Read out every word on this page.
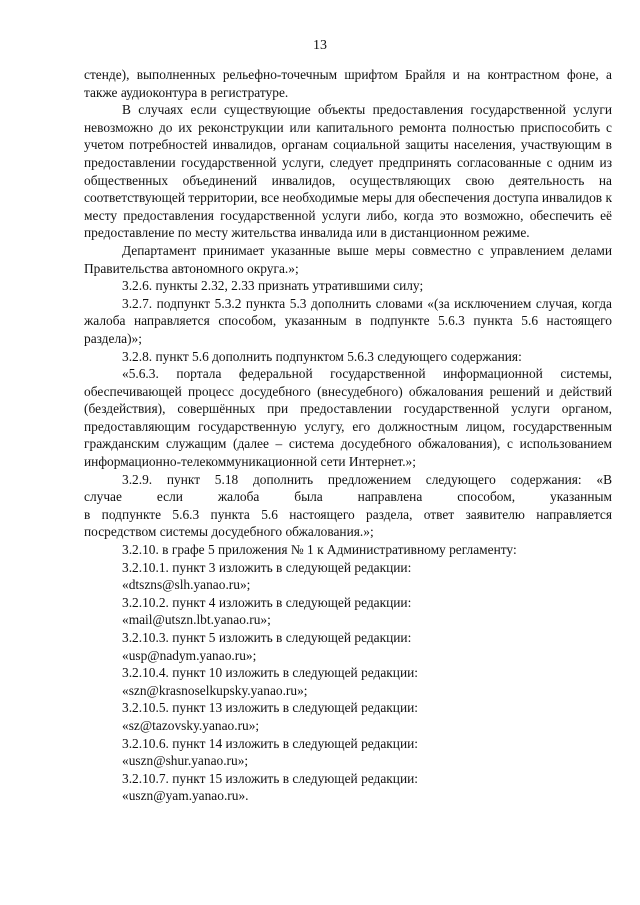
13

стенде), выполненных рельефно-точечным шрифтом Брайля и на контрастном фоне, а также аудиоконтура в регистратуре.

В случаях если существующие объекты предоставления государственной услуги невозможно до их реконструкции или капитального ремонта полностью приспособить с учетом потребностей инвалидов, органам социальной защиты населения, участвующим в предоставлении государственной услуги, следует предпринять согласованные с одним из общественных объединений инвалидов, осуществляющих свою деятельность на соответствующей территории, все необходимые меры для обеспечения доступа инвалидов к месту предоставления государственной услуги либо, когда это возможно, обеспечить её предоставление по месту жительства инвалида или в дистанционном режиме.

Департамент принимает указанные выше меры совместно с управлением делами Правительства автономного округа.»;

3.2.6. пункты 2.32, 2.33 признать утратившими силу;

3.2.7. подпункт 5.3.2 пункта 5.3 дополнить словами «(за исключением случая, когда жалоба направляется способом, указанным в подпункте 5.6.3 пункта 5.6 настоящего раздела)»;

3.2.8. пункт 5.6 дополнить подпунктом 5.6.3 следующего содержания:

«5.6.3. портала федеральной государственной информационной системы, обеспечивающей процесс досудебного (внесудебного) обжалования решений и действий (бездействия), совершённых при предоставлении государственной услуги органом, предоставляющим государственную услугу, его должностным лицом, государственным гражданским служащим (далее – система досудебного обжалования), с использованием информационно-телекоммуникационной сети Интернет.»;

3.2.9. пункт 5.18 дополнить предложением следующего содержания: «В
случае если жалоба была направлена способом, указанным

в подпункте 5.6.3 пункта 5.6 настоящего раздела, ответ заявителю направляется посредством системы досудебного обжалования.»;

3.2.10. в графе 5 приложения № 1 к Административному регламенту:
3.2.10.1. пункт 3 изложить в следующей редакции:
«dtszns@slh.yanao.ru»;
3.2.10.2. пункт 4 изложить в следующей редакции:
«mail@utszn.lbt.yanao.ru»;
3.2.10.3. пункт 5 изложить в следующей редакции:
«usp@nadym.yanao.ru»;
3.2.10.4. пункт 10 изложить в следующей редакции:
«szn@krasnoselkupsky.yanao.ru»;
3.2.10.5. пункт 13 изложить в следующей редакции:
«sz@tazovsky.yanao.ru»;
3.2.10.6. пункт 14 изложить в следующей редакции:
«uszn@shur.yanao.ru»;
3.2.10.7. пункт 15 изложить в следующей редакции:
«uszn@yam.yanao.ru».
